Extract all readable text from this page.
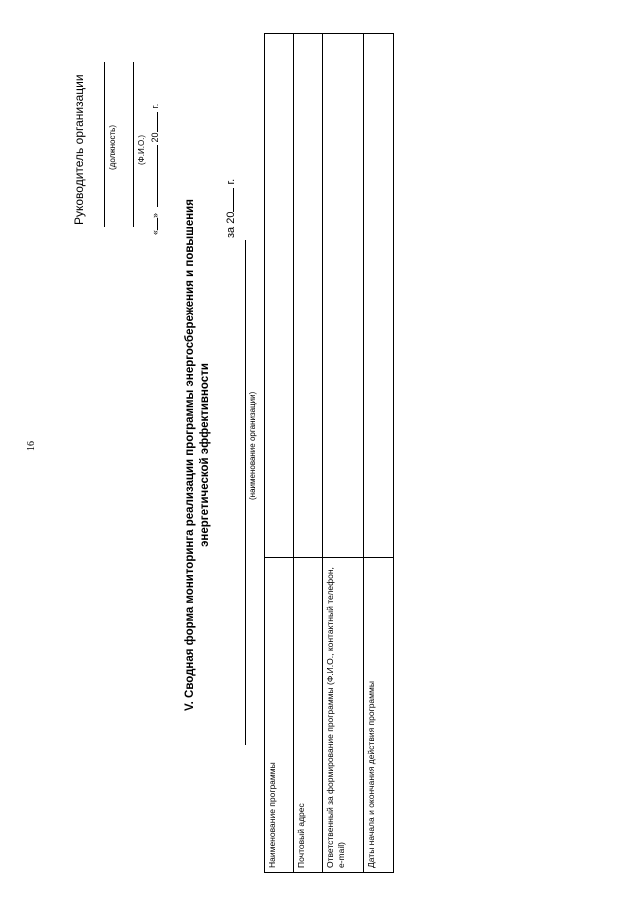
16
Руководитель организации	(должность)	(Ф.И.О.)
«» 20г.
V. Сводная форма мониторинга реализации программы энергосбережения и повышения энергетической эффективности	(наименование организации)
за 20 г.
Наименование программы	
Почтовый адрес	
Ответственный за формирование программы (Ф.И.О., контактный телефон, e-mail)	
Даты начала и окончания действия программы	
